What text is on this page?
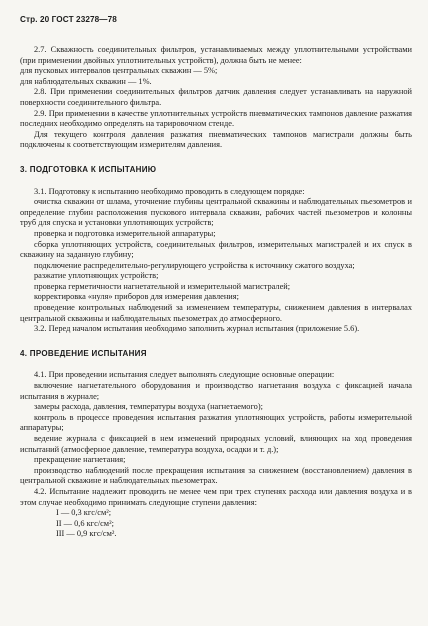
Стр. 20 ГОСТ 23278—78

2.7. Скважность соединительных фильтров, устанавливаемых между уплотнительными устройствами (при применении двойных уплотнительных устройств), должна быть не менее:

для пусковых интервалов центральных скважин — 5%;

для наблюдательных скважин — 1%.

2.8. При применении соединительных фильтров датчик давления следует устанавливать на наружной поверхности соединительного фильтра.

2.9. При применении в качестве уплотнительных устройств пневматических тампонов давление разжатия последних необходимо определять на тарировочном стенде.

Для текущего контроля давления разжатия пневматических тампонов магистрали должны быть подключены к соответствующим измерителям давления.

3. ПОДГОТОВКА К ИСПЫТАНИЮ

3.1. Подготовку к испытанию необходимо проводить в следующем порядке:

очистка скважин от шлама, уточнение глубины центральной скважины и наблюдательных пьезометров и определение глубин расположения пускового интервала скважин, рабочих частей пьезометров и колонны труб для спуска и установки уплотняющих устройств;

проверка и подготовка измерительной аппаратуры;

сборка уплотняющих устройств, соединительных фильтров, измерительных магистралей и их спуск в скважину на заданную глубину;

подключение распределительно-регулирующего устройства к источнику сжатого воздуха;

разжатие уплотняющих устройств;

проверка герметичности нагнетательной и измерительной магистралей;

корректировка «нуля» приборов для измерения давления;

проведение контрольных наблюдений за изменением температуры, снижением давления в интервалах центральной скважины и наблюдательных пьезометрах до атмосферного.

3.2. Перед началом испытания необходимо заполнить журнал испытания (приложение 5.6).

4. ПРОВЕДЕНИЕ ИСПЫТАНИЯ

4.1. При проведении испытания следует выполнять следующие основные операции:

включение нагнетательного оборудования и производство нагнетания воздуха с фиксацией начала испытания в журнале;

замеры расхода, давления, температуры воздуха (нагнетаемого);

контроль в процессе проведения испытания разжатия уплотняющих устройств, работы измерительной аппаратуры;

ведение журнала с фиксацией в нем изменений природных условий, влияющих на ход проведения испытаний (атмосферное давление, температура воздуха, осадки и т. д.);

прекращение нагнетания;

производство наблюдений после прекращения испытания за снижением (восстановлением) давления в центральной скважине и наблюдательных пьезометрах.

4.2. Испытание надлежит проводить не менее чем при трех ступенях расхода или давления воздуха и в этом случае необходимо принимать следующие ступени давления:

I — 0,3 кгс/см²;

II — 0,6 кгс/см²;

III — 0,9 кгс/см².
